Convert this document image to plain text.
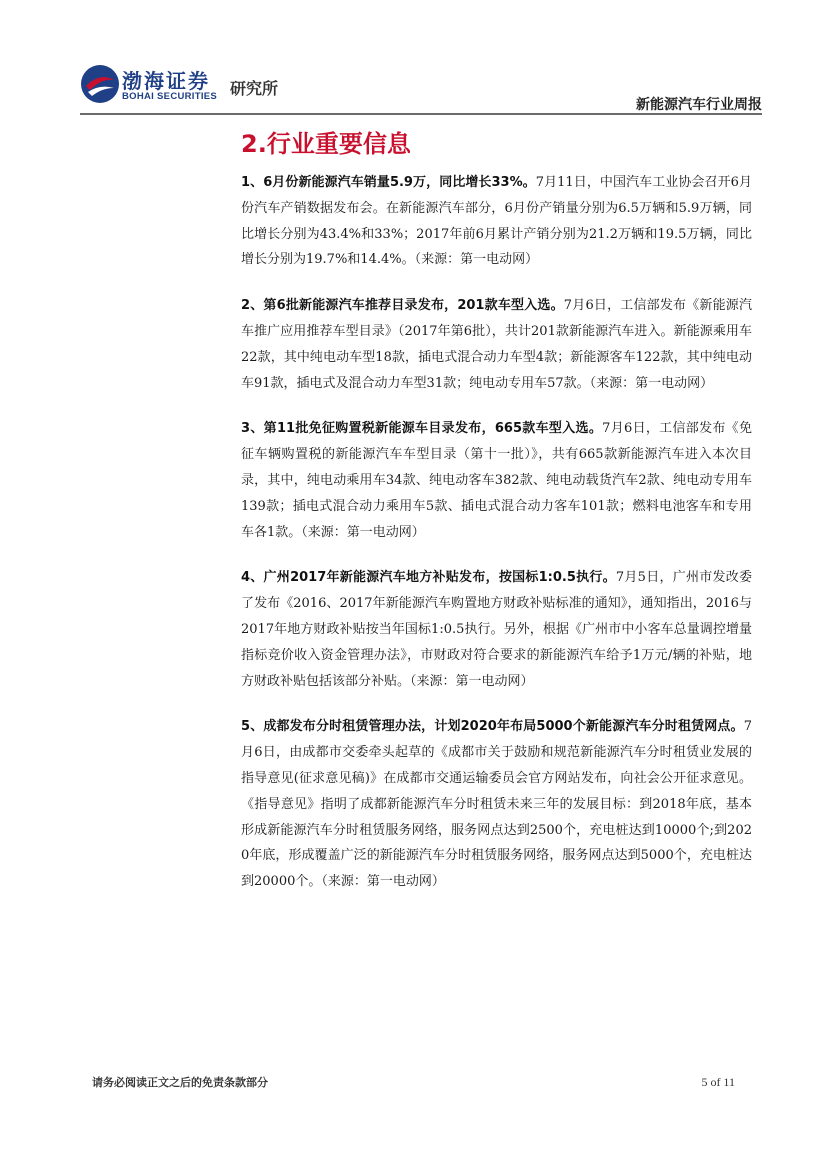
渤海证券
BOHAI SECURITIES 研究所
新能源汽车行业周报
2.行业重要信息

1、6月份新能源汽车销量5.9万，同比增长33%。7月11日，中国汽车工业协会召开6月份汽车产销数据发布会。在新能源汽车部分，6月份产销量分别为6.5万辆和5.9万辆，同比增长分别为43.4%和33%；2017年前6月累计产销分别为21.2万辆和19.5万辆，同比增长分别为19.7%和14.4%。（来源：第一电动网）

2、第6批新能源汽车推荐目录发布，201款车型入选。7月6日，工信部发布《新能源汽车推广应用推荐车型目录》（2017年第6批），共计201款新能源汽车进入。新能源乘用车22款，其中纯电动车型18款，插电式混合动力车型4款；新能源客车122款，其中纯电动车91款，插电式及混合动力车型31款；纯电动专用车57款。（来源：第一电动网）

3、第11批免征购置税新能源车目录发布，665款车型入选。7月6日，工信部发布《免征车辆购置税的新能源汽车车型目录（第十一批）》，共有665款新能源汽车进入本次目录，其中，纯电动乘用车34款、纯电动客车382款、纯电动载货汽车2款、纯电动专用车139款；插电式混合动力乘用车5款、插电式混合动力客车101款；燃料电池客车和专用车各1款。（来源：第一电动网）

4、广州2017年新能源汽车地方补贴发布，按国标1:0.5执行。7月5日，广州市发改委了发布《2016、2017年新能源汽车购置地方财政补贴标准的通知》，通知指出，2016与2017年地方财政补贴按当年国标1:0.5执行。另外，根据《广州市中小客车总量调控增量指标竞价收入资金管理办法》，市财政对符合要求的新能源汽车给予1万元/辆的补贴，地方财政补贴包括该部分补贴。（来源：第一电动网）

5、成都发布分时租赁管理办法，计划2020年布局5000个新能源汽车分时租赁网点。7月6日，由成都市交委牵头起草的《成都市关于鼓励和规范新能源汽车分时租赁业发展的指导意见(征求意见稿)》在成都市交通运输委员会官方网站发布，向社会公开征求意见。《指导意见》指明了成都新能源汽车分时租赁未来三年的发展目标：到2018年底，基本形成新能源汽车分时租赁服务网络，服务网点达到2500个，充电桩达到10000个;到2020年底，形成覆盖广泛的新能源汽车分时租赁服务网络，服务网点达到5000个，充电桩达到20000个。（来源：第一电动网）

请务必阅读正文之后的免责条款部分	5 of 11
